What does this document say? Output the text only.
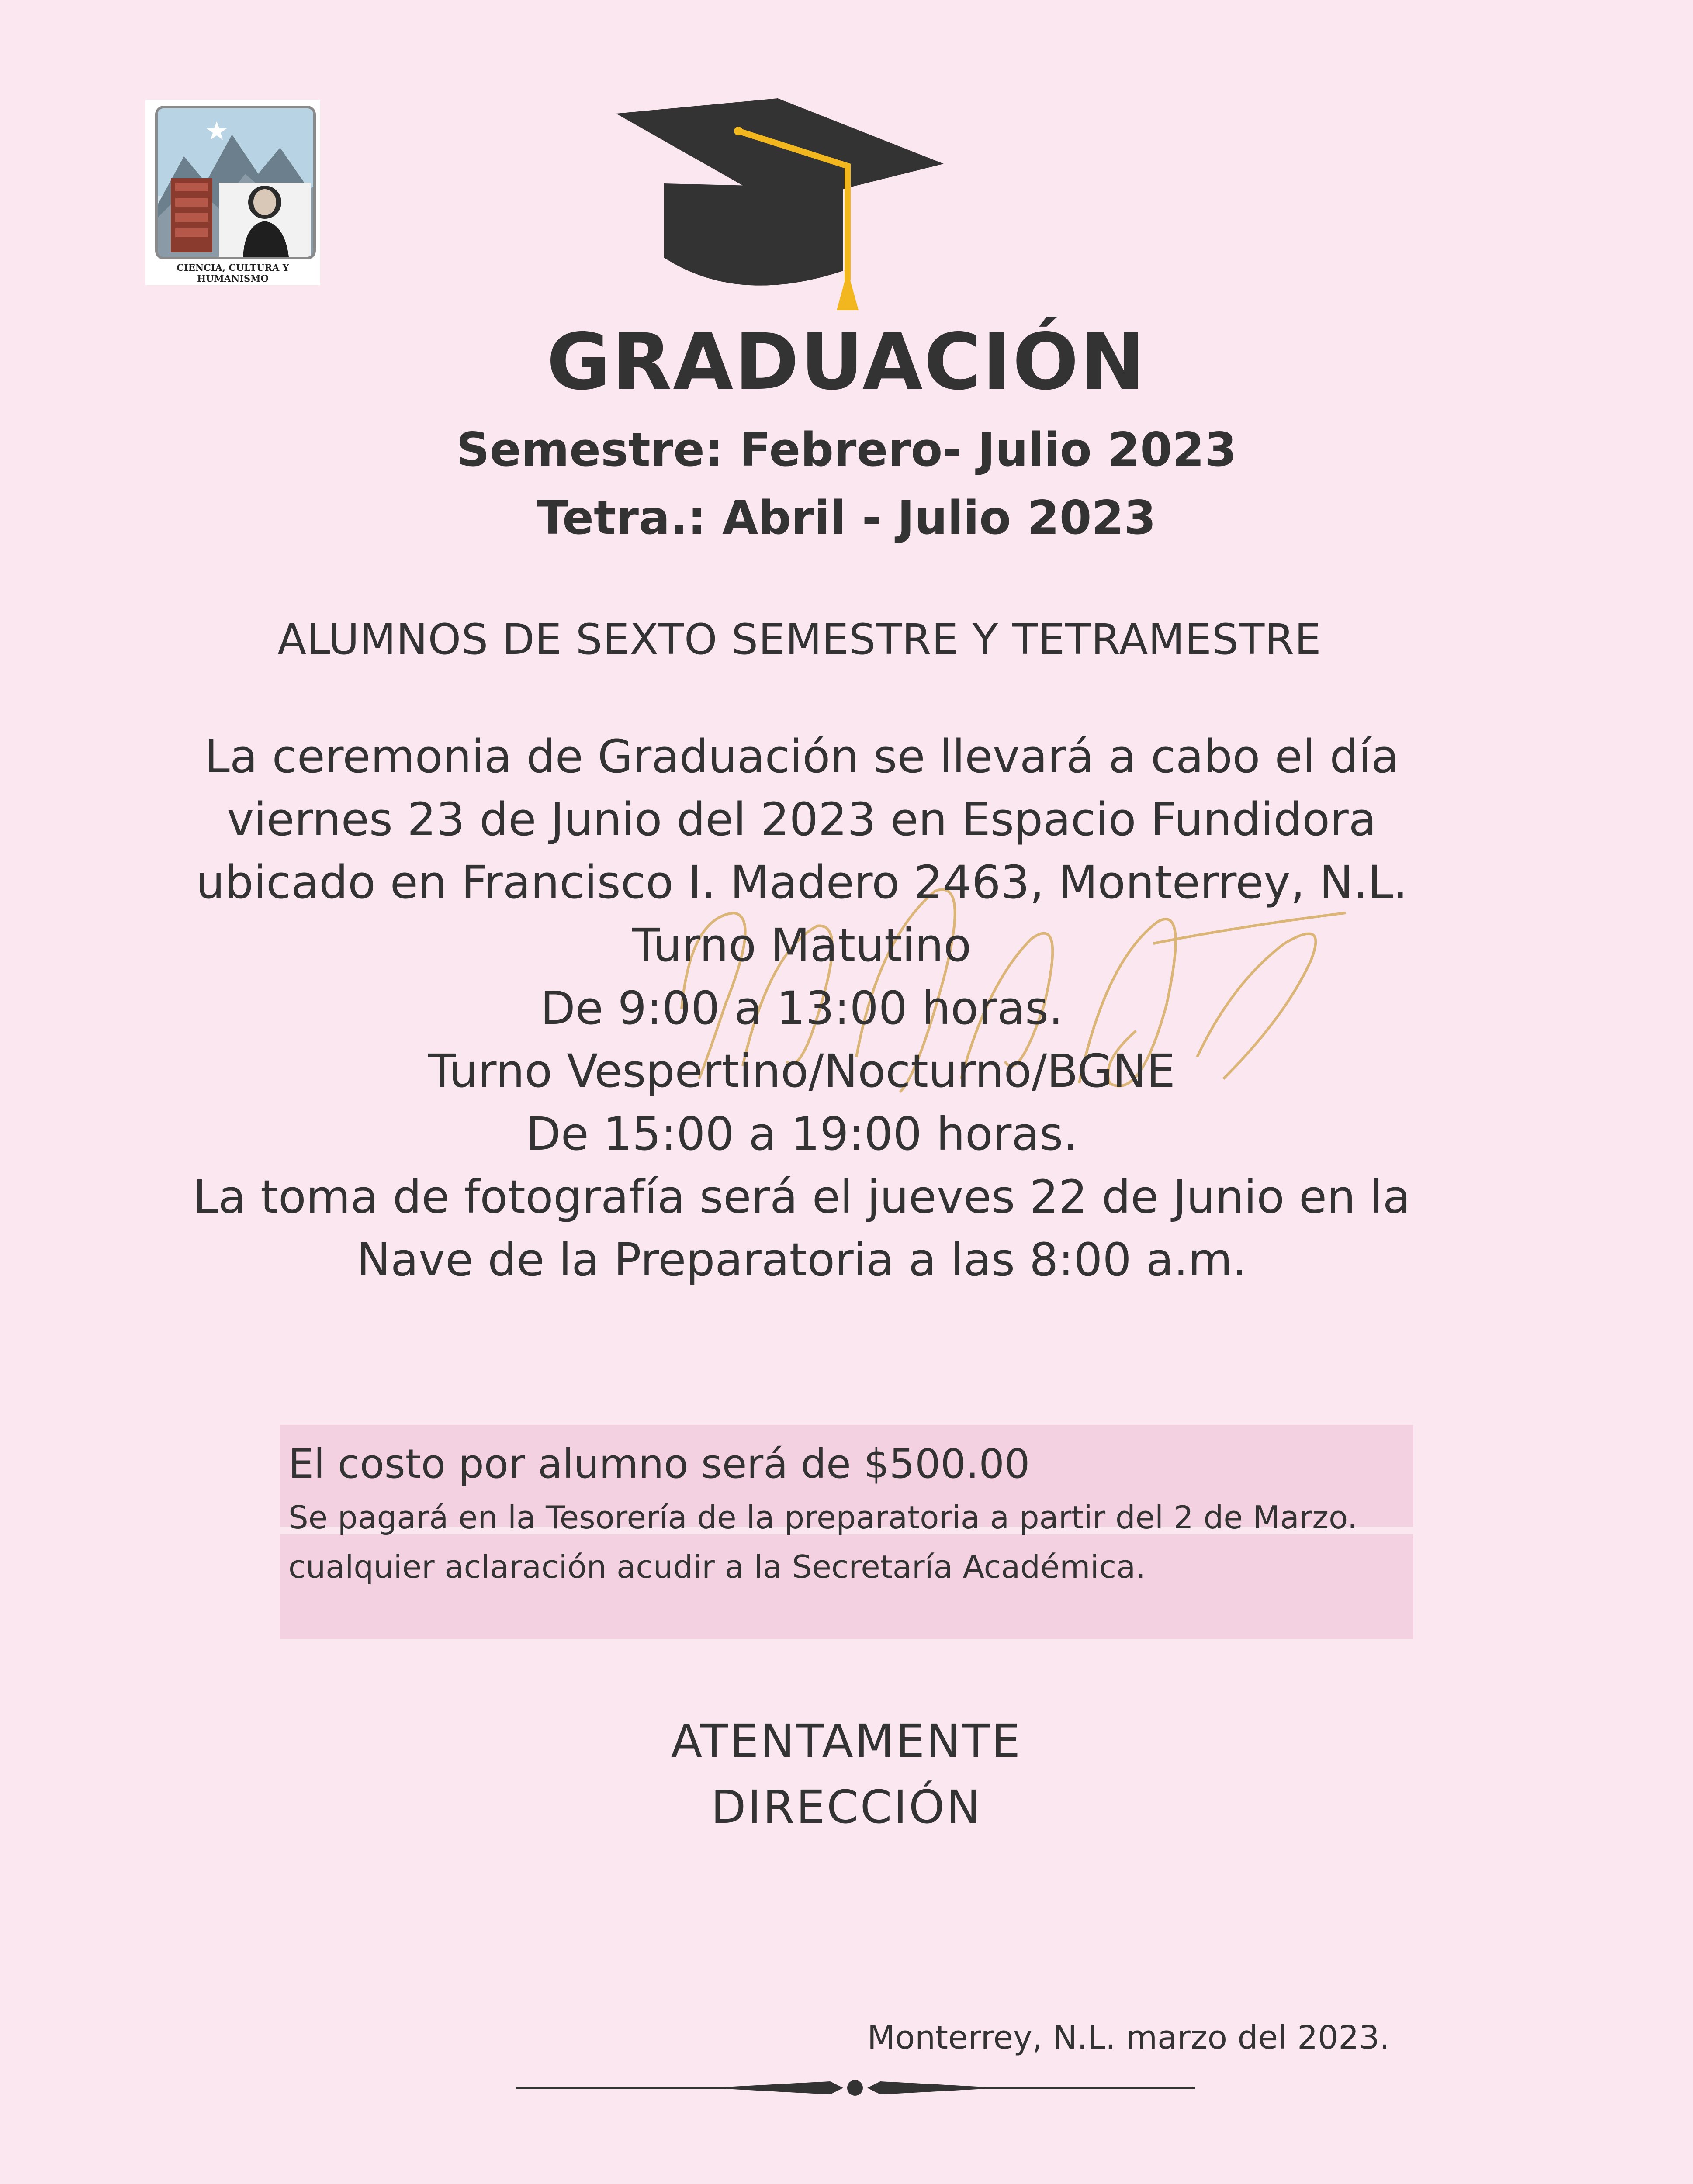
CIENCIA, CULTURA Y HUMANISMO
GRADUACIÓN
Semestre: Febrero- Julio 2023
Tetra.: Abril - Julio 2023
ALUMNOS DE SEXTO SEMESTRE Y TETRAMESTRE
La ceremonia de Graduación se llevará a cabo el día
viernes 23 de Junio del 2023 en Espacio Fundidora
ubicado en Francisco I. Madero 2463, Monterrey, N.L.
Turno Matutino
De 9:00 a 13:00 horas.
Turno Vespertino/Nocturno/BGNE
De 15:00 a 19:00 horas.
La toma de fotografía será el jueves 22 de Junio en la
Nave de la Preparatoria a las 8:00 a.m.
El costo por alumno será de $500.00
Se pagará en la Tesorería de la preparatoria a partir del 2 de Marzo.
cualquier aclaración acudir a la Secretaría Académica.
ATENTAMENTE
DIRECCIÓN
Monterrey, N.L. marzo del 2023.
